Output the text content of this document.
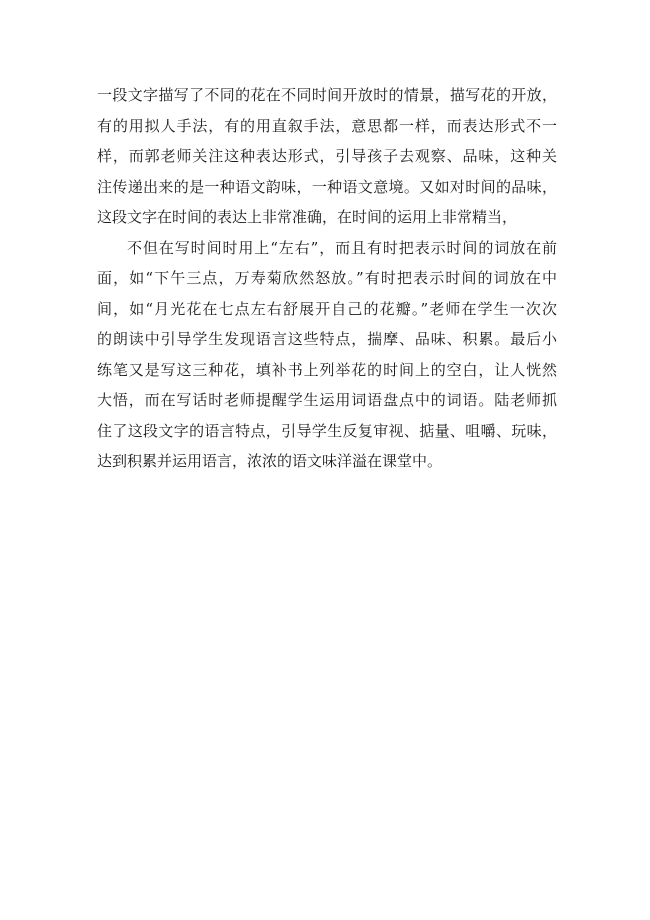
一段文字描写了不同的花在不同时间开放时的情景，描写花的开放，
有的用拟人手法，有的用直叙手法，意思都一样，而表达形式不一
样，而郭老师关注这种表达形式，引导孩子去观察、品味，这种关
注传递出来的是一种语文韵味，一种语文意境。又如对时间的品味，
这段文字在时间的表达上非常准确，在时间的运用上非常精当，
不但在写时间时用上“左右”，而且有时把表示时间的词放在前
面，如“下午三点，万寿菊欣然怒放。”有时把表示时间的词放在中
间，如“月光花在七点左右舒展开自己的花瓣。”老师在学生一次次
的朗读中引导学生发现语言这些特点，揣摩、品味、积累。最后小
练笔又是写这三种花，填补书上列举花的时间上的空白，让人恍然
大悟，而在写话时老师提醒学生运用词语盘点中的词语。陆老师抓
住了这段文字的语言特点，引导学生反复审视、掂量、咀嚼、玩味，
达到积累并运用语言，浓浓的语文味洋溢在课堂中。
